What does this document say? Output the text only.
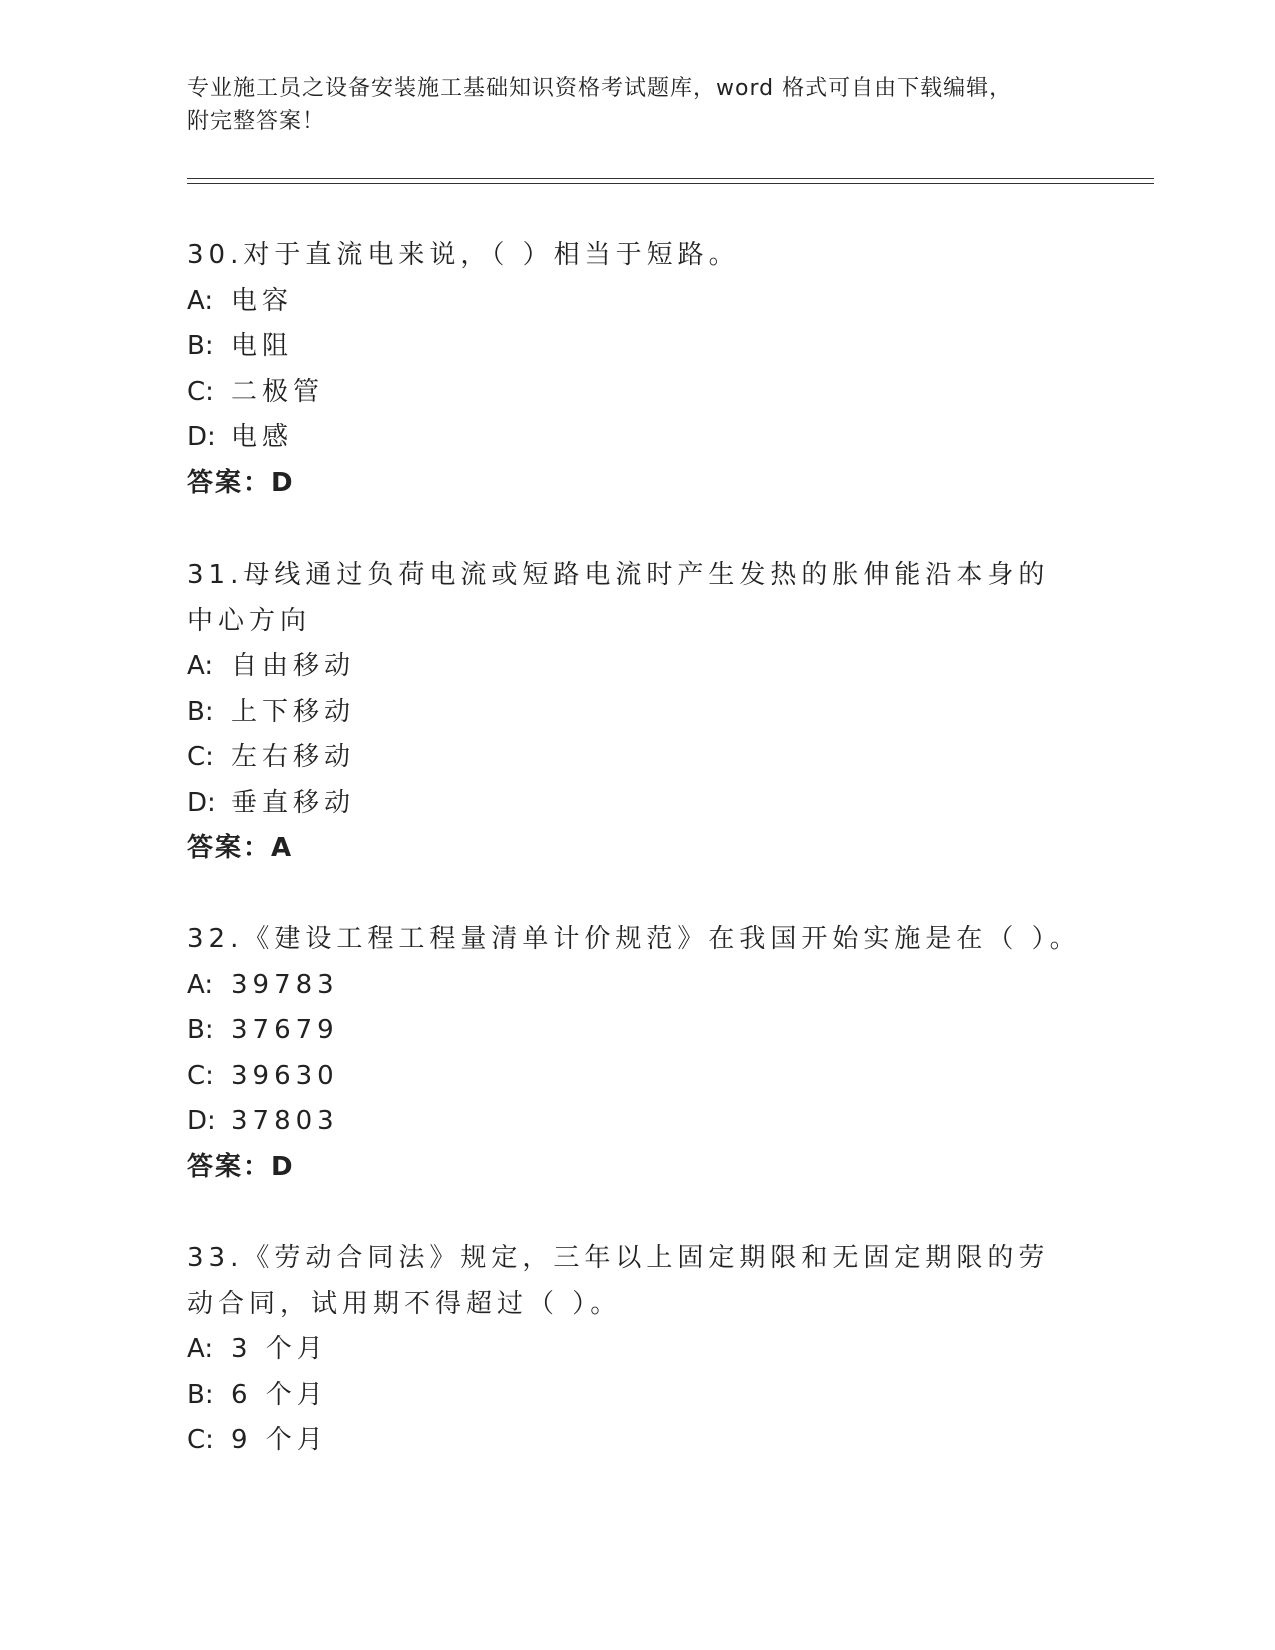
专业施工员之设备安装施工基础知识资格考试题库，word 格式可自由下载编辑，
附完整答案！
30.对于直流电来说，（ ）相当于短路。
A: 电容
B: 电阻
C: 二极管
D: 电感
答案：D
31.母线通过负荷电流或短路电流时产生发热的胀伸能沿本身的中心方向
A: 自由移动
B: 上下移动
C: 左右移动
D: 垂直移动
答案：A
32.《建设工程工程量清单计价规范》在我国开始实施是在（ ）。
A: 39783
B: 37679
C: 39630
D: 37803
答案：D
33.《劳动合同法》规定，三年以上固定期限和无固定期限的劳动合同，试用期不得超过（ ）。
A: 3 个月
B: 6 个月
C: 9 个月
